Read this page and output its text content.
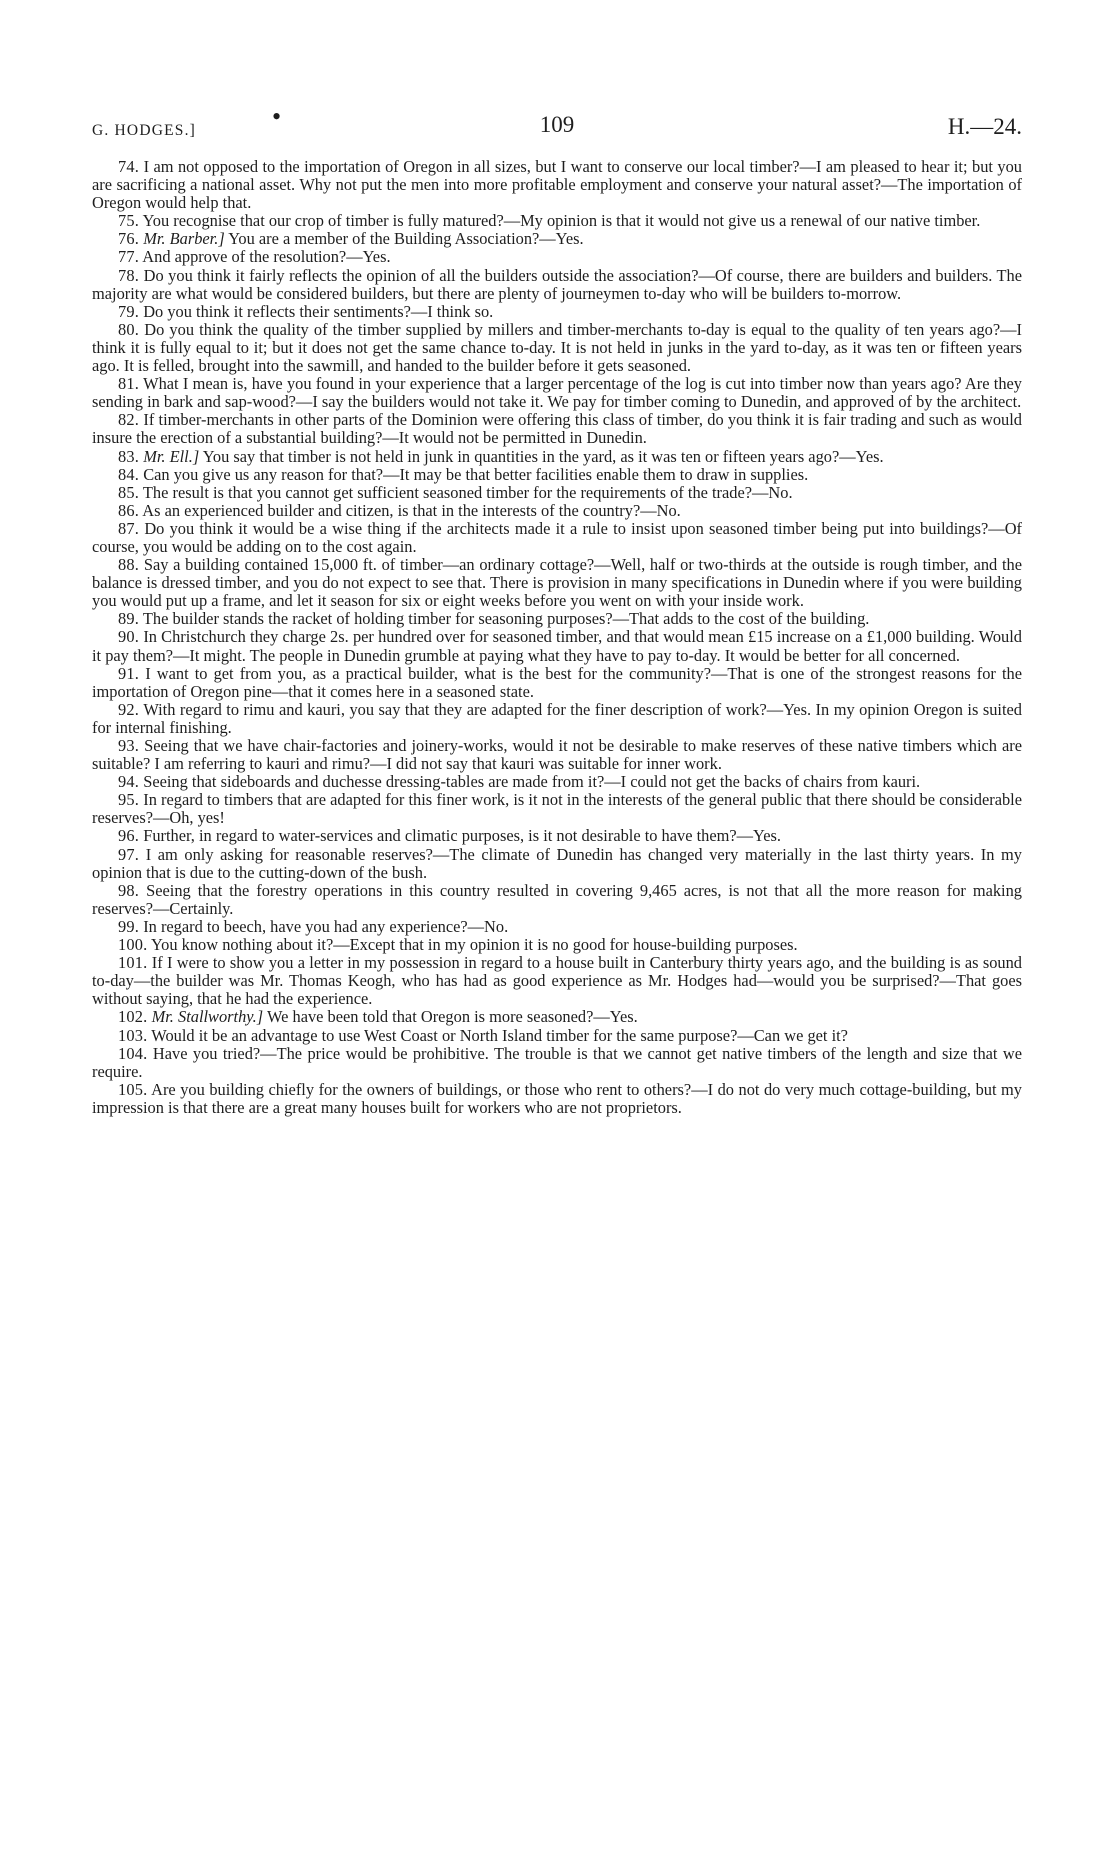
G. HODGES.]	•	109	H.—24.

74. I am not opposed to the importation of Oregon in all sizes, but I want to conserve our local timber?—I am pleased to hear it; but you are sacrificing a national asset. Why not put the men into more profitable employment and conserve your natural asset?—The importation of Oregon would help that.

75. You recognise that our crop of timber is fully matured?—My opinion is that it would not give us a renewal of our native timber.

76. Mr. Barber.] You are a member of the Building Association?—Yes.

77. And approve of the resolution?—Yes.

78. Do you think it fairly reflects the opinion of all the builders outside the association?—Of course, there are builders and builders. The majority are what would be considered builders, but there are plenty of journeymen to-day who will be builders to-morrow.

79. Do you think it reflects their sentiments?—I think so.

80. Do you think the quality of the timber supplied by millers and timber-merchants to-day is equal to the quality of ten years ago?—I think it is fully equal to it; but it does not get the same chance to-day. It is not held in junks in the yard to-day, as it was ten or fifteen years ago. It is felled, brought into the sawmill, and handed to the builder before it gets seasoned.

81. What I mean is, have you found in your experience that a larger percentage of the log is cut into timber now than years ago? Are they sending in bark and sap-wood?—I say the builders would not take it. We pay for timber coming to Dunedin, and approved of by the architect.

82. If timber-merchants in other parts of the Dominion were offering this class of timber, do you think it is fair trading and such as would insure the erection of a substantial building?—It would not be permitted in Dunedin.

83. Mr. Ell.] You say that timber is not held in junk in quantities in the yard, as it was ten or fifteen years ago?—Yes.

84. Can you give us any reason for that?—It may be that better facilities enable them to draw in supplies.

85. The result is that you cannot get sufficient seasoned timber for the requirements of the trade?—No.

86. As an experienced builder and citizen, is that in the interests of the country?—No.

87. Do you think it would be a wise thing if the architects made it a rule to insist upon seasoned timber being put into buildings?—Of course, you would be adding on to the cost again.

88. Say a building contained 15,000 ft. of timber—an ordinary cottage?—Well, half or two-thirds at the outside is rough timber, and the balance is dressed timber, and you do not expect to see that. There is provision in many specifications in Dunedin where if you were building you would put up a frame, and let it season for six or eight weeks before you went on with your inside work.

89. The builder stands the racket of holding timber for seasoning purposes?—That adds to the cost of the building.

90. In Christchurch they charge 2s. per hundred over for seasoned timber, and that would mean £15 increase on a £1,000 building. Would it pay them?—It might. The people in Dunedin grumble at paying what they have to pay to-day. It would be better for all concerned.

91. I want to get from you, as a practical builder, what is the best for the community?—That is one of the strongest reasons for the importation of Oregon pine—that it comes here in a seasoned state.

92. With regard to rimu and kauri, you say that they are adapted for the finer description of work?—Yes. In my opinion Oregon is suited for internal finishing.

93. Seeing that we have chair-factories and joinery-works, would it not be desirable to make reserves of these native timbers which are suitable? I am referring to kauri and rimu?—I did not say that kauri was suitable for inner work.

94. Seeing that sideboards and duchesse dressing-tables are made from it?—I could not get the backs of chairs from kauri.

95. In regard to timbers that are adapted for this finer work, is it not in the interests of the general public that there should be considerable reserves?—Oh, yes!

96. Further, in regard to water-services and climatic purposes, is it not desirable to have them?—Yes.

97. I am only asking for reasonable reserves?—The climate of Dunedin has changed very materially in the last thirty years. In my opinion that is due to the cutting-down of the bush.

98. Seeing that the forestry operations in this country resulted in covering 9,465 acres, is not that all the more reason for making reserves?—Certainly.

99. In regard to beech, have you had any experience?—No.

100. You know nothing about it?—Except that in my opinion it is no good for house-building purposes.

101. If I were to show you a letter in my possession in regard to a house built in Canterbury thirty years ago, and the building is as sound to-day—the builder was Mr. Thomas Keogh, who has had as good experience as Mr. Hodges had—would you be surprised?—That goes without saying, that he had the experience.

102. Mr. Stallworthy.] We have been told that Oregon is more seasoned?—Yes.

103. Would it be an advantage to use West Coast or North Island timber for the same purpose?—Can we get it?

104. Have you tried?—The price would be prohibitive. The trouble is that we cannot get native timbers of the length and size that we require.

105. Are you building chiefly for the owners of buildings, or those who rent to others?—I do not do very much cottage-building, but my impression is that there are a great many houses built for workers who are not proprietors.
